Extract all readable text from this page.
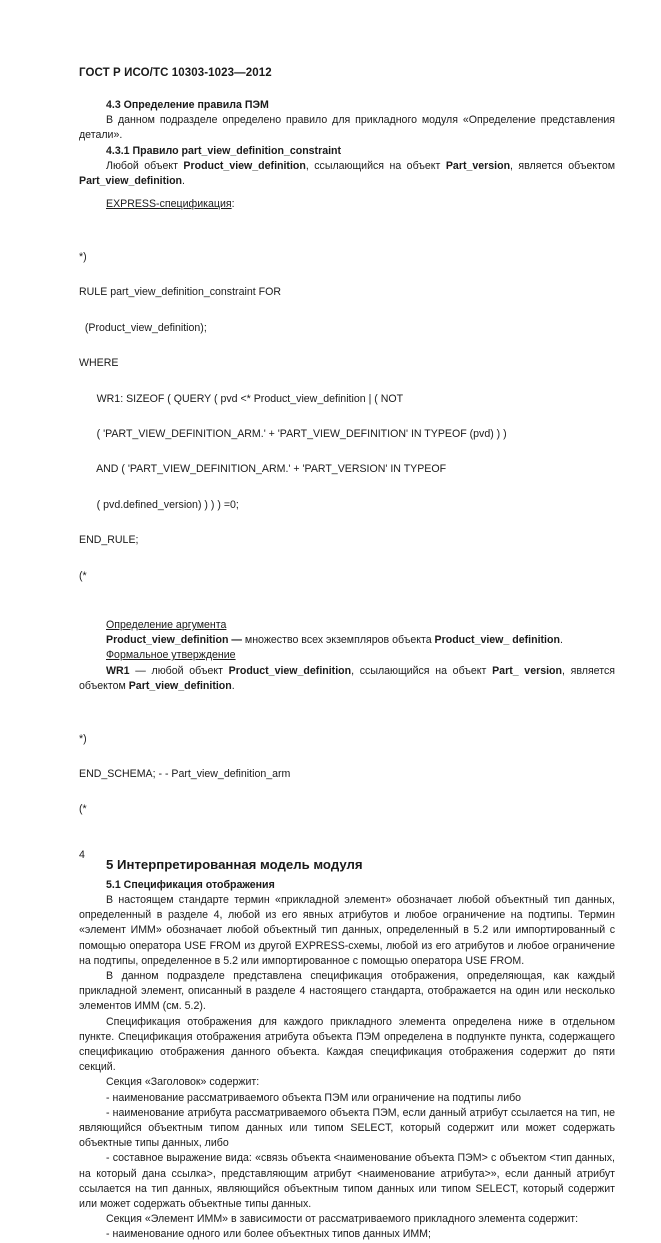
ГОСТ Р ИСО/ТС 10303-1023—2012

4.3 Определение правила ПЭМ

В данном подразделе определено правило для прикладного модуля «Определение представления детали».

4.3.1 Правило part_view_definition_constraint

Любой объект Product_view_definition, ссылающийся на объект Part_version, является объектом Part_view_definition.

EXPRESS-спецификация:

*)

RULE part_view_definition_constraint FOR

(Product_view_definition);

WHERE

WR1: SIZEOF ( QUERY ( pvd <* Product_view_definition | ( NOT

( 'PART_VIEW_DEFINITION_ARM.' + 'PART_VIEW_DEFINITION' IN TYPEOF (pvd) ) )

AND ( 'PART_VIEW_DEFINITION_ARM.' + 'PART_VERSION' IN TYPEOF

( pvd.defined_version) ) ) ) =0;

END_RULE;

(*

Определение аргумента

Product_view_definition — множество всех экземпляров объекта Product_view_ definition.

Формальное утверждение

WR1 — любой объект Product_view_definition, ссылающийся на объект Part_ version, является объектом Part_view_definition.

*)

END_SCHEMA; - - Part_view_definition_arm

(*

5 Интерпретированная модель модуля

5.1 Спецификация отображения

В настоящем стандарте термин «прикладной элемент» обозначает любой объектный тип данных, определенный в разделе 4, любой из его явных атрибутов и любое ограничение на подтипы. Термин «элемент ИММ» обозначает любой объектный тип данных, определенный в 5.2 или импортированный с помощью оператора USE FROM из другой EXPRESS-схемы, любой из его атрибутов и любое ограничение на подтипы, определенное в 5.2 или импортированное с помощью оператора USE FROM.

В данном подразделе представлена спецификация отображения, определяющая, как каждый прикладной элемент, описанный в разделе 4 настоящего стандарта, отображается на один или несколько элементов ИММ (см. 5.2).

Спецификация отображения для каждого прикладного элемента определена ниже в отдельном пункте. Спецификация отображения атрибута объекта ПЭМ определена в подпункте пункта, содержащего спецификацию отображения данного объекта. Каждая спецификация отображения содержит до пяти секций.

Секция «Заголовок» содержит:

- наименование рассматриваемого объекта ПЭМ или ограничение на подтипы либо

- наименование атрибута рассматриваемого объекта ПЭМ, если данный атрибут ссылается на тип, не являющийся объектным типом данных или типом SELECT, который содержит или может содержать объектные типы данных, либо

- составное выражение вида: «связь объекта <наименование объекта ПЭМ> с объектом <тип данных, на который дана ссылка>, представляющим атрибут <наименование атрибута>», если данный атрибут ссылается на тип данных, являющийся объектным типом данных или типом SELECT, который содержит или может содержать объектные типы данных.

Секция «Элемент ИММ» в зависимости от рассматриваемого прикладного элемента содержит:

- наименование одного или более объектных типов данных ИММ;

4
